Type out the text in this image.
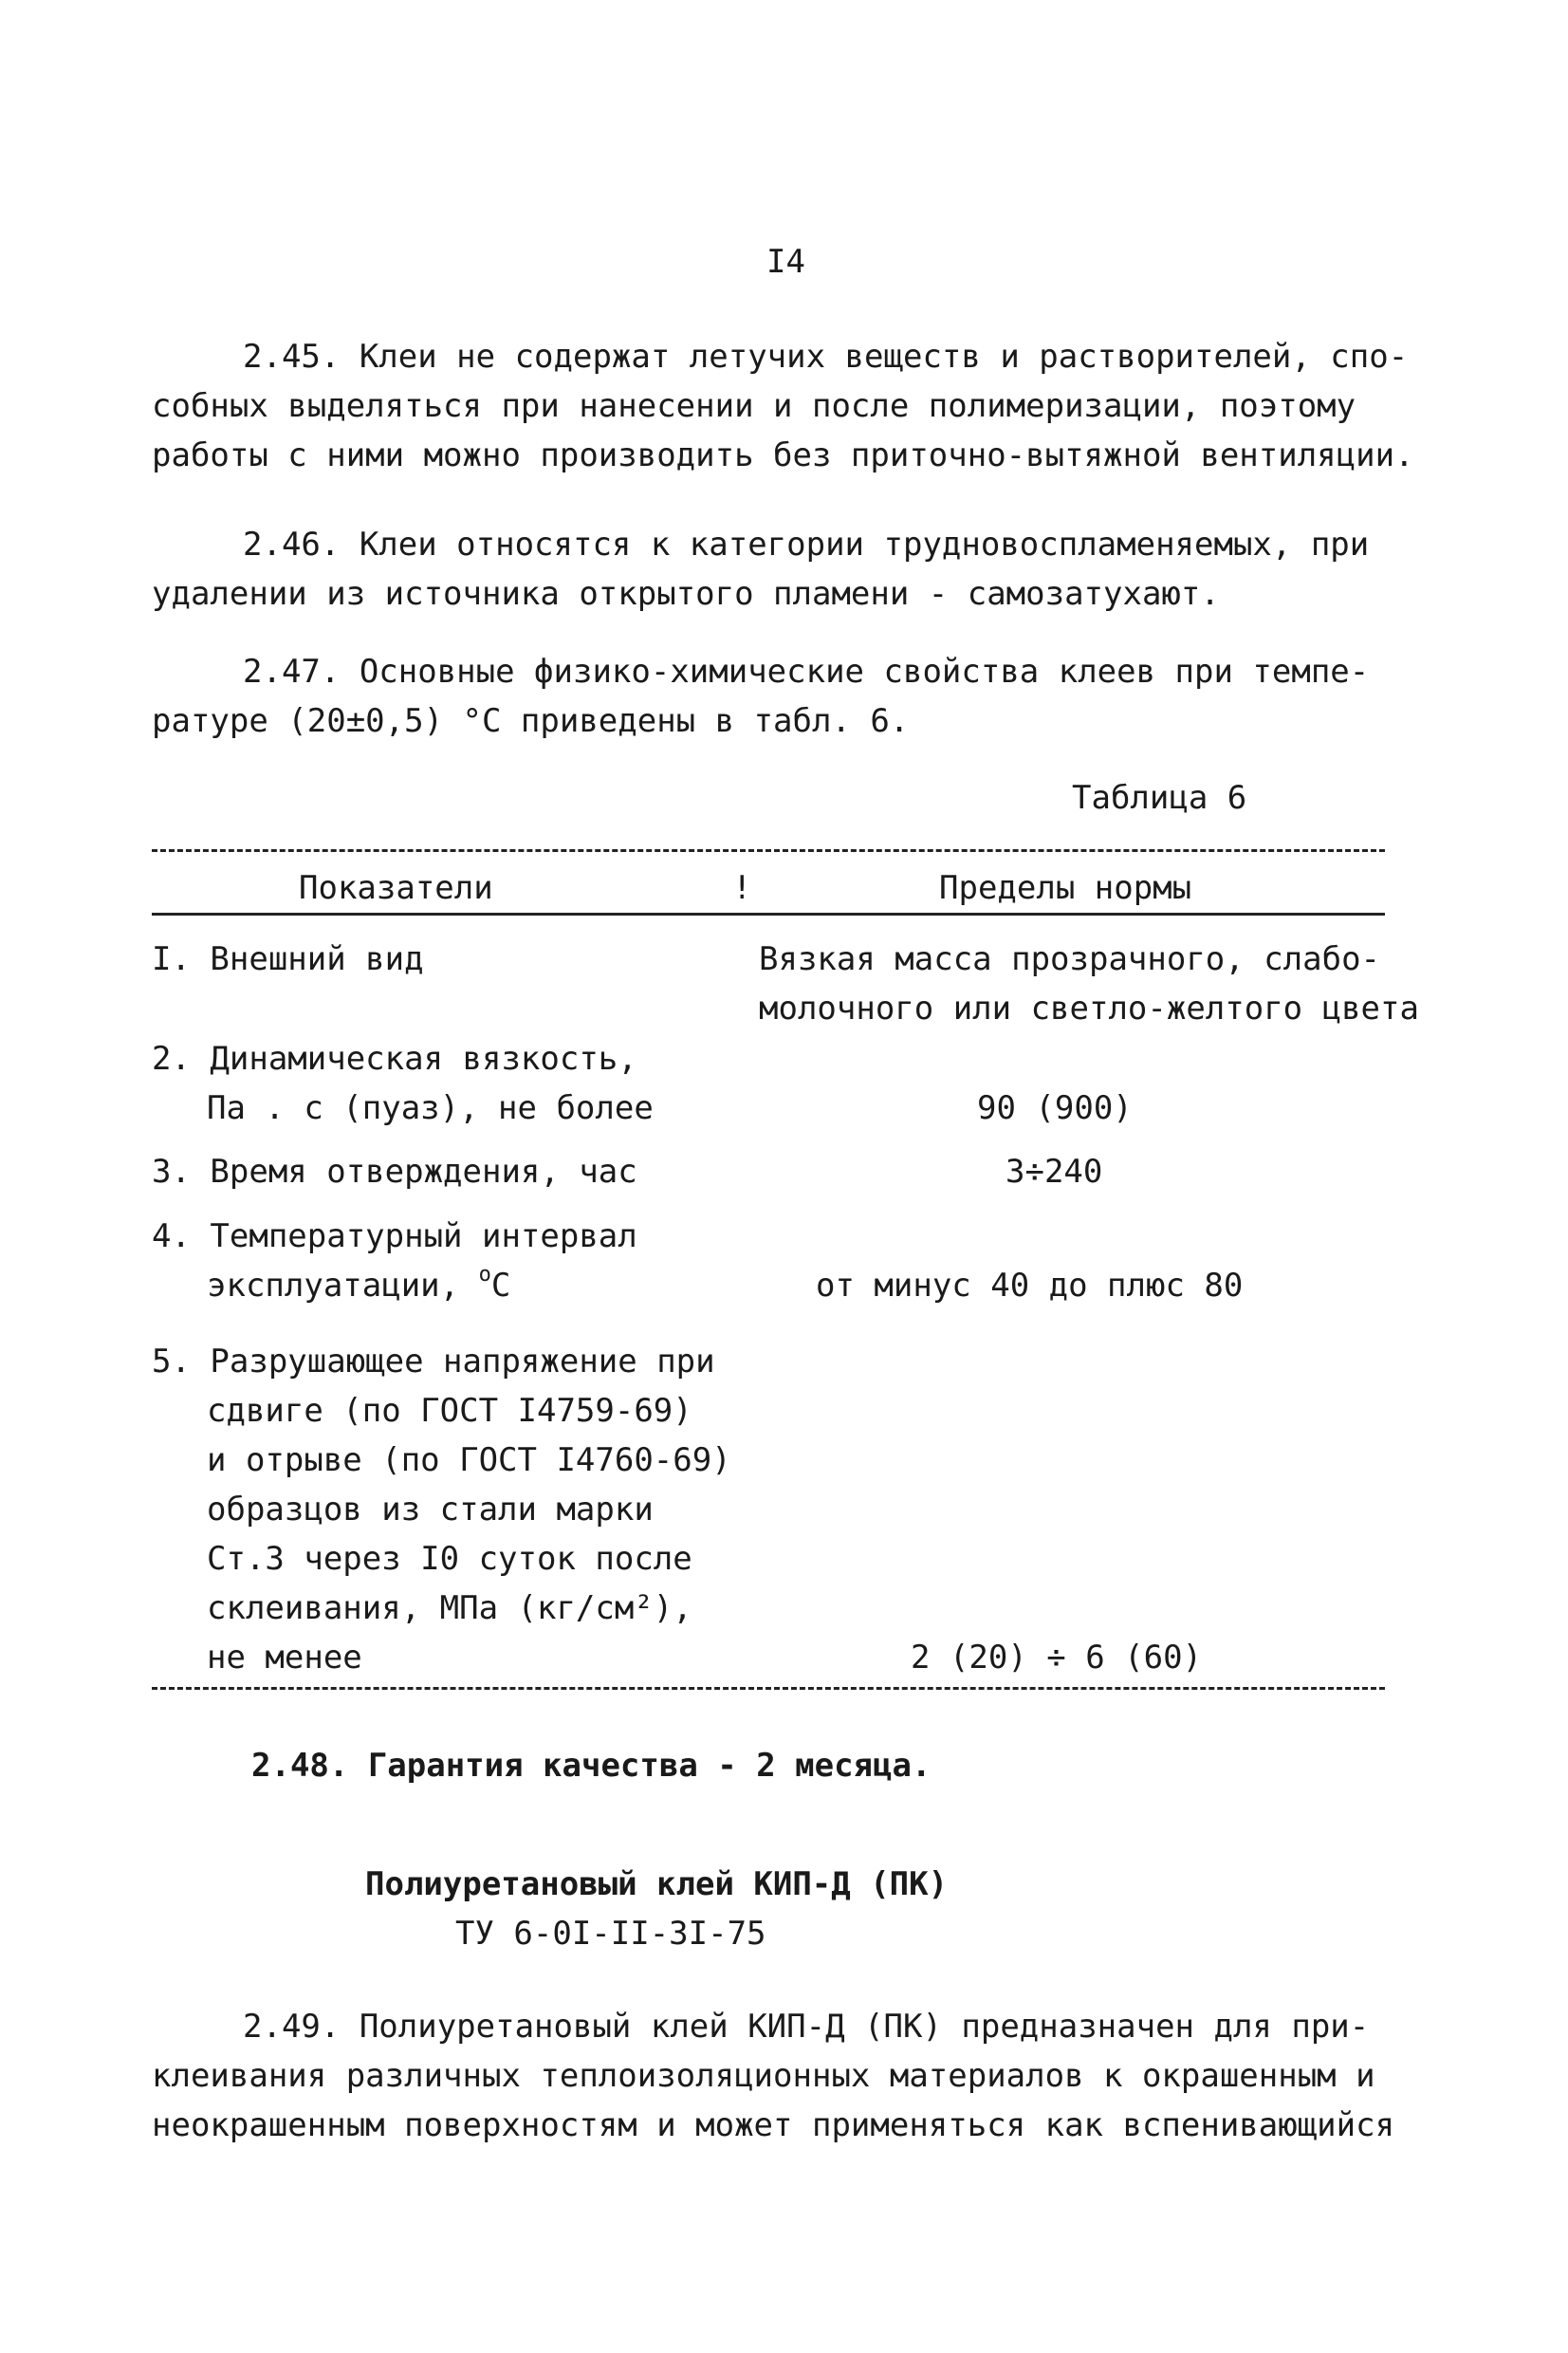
I4
2.45. Клеи не содержат летучих веществ и растворителей, спо-
собных выделяться при нанесении и после полимеризации, поэтому
работы с ними можно производить без приточно-вытяжной вентиляции.
2.46. Клеи относятся к категории трудновоспламеняемых, при
удалении из источника открытого пламени - самозатухают.
2.47. Основные физико-химические свойства клеев при темпе-
ратуре (20±0,5) °С приведены в табл. 6.
Таблица 6
Показатели	!	Пределы нормы
I. Внешний вид	Вязкая масса прозрачного, слабо-
молочного или светло-желтого цвета
2. Динамическая вязкость,
Па . с (пуаз), не более	90 (900)
3. Время отверждения, час	3÷240
4. Температурный интервал
эксплуатации, $^о$С	от минус 40 до плюс 80
5. Разрушающее напряжение при
сдвиге (по ГОСТ I4759-69)
и отрыве (по ГОСТ I4760-69)
образцов из стали марки
Ст.3 через I0 суток после
склеивания, МПа (кг/см²),
не менее	2 (20) ÷ 6 (60)
2.48. Гарантия качества - 2 месяца.
Полиуретановый клей КИП-Д (ПК)
ТУ 6-0I-II-3I-75
2.49. Полиуретановый клей КИП-Д (ПК) предназначен для при-
клеивания различных теплоизоляционных материалов к окрашенным и
неокрашенным поверхностям и может применяться как вспенивающийся
